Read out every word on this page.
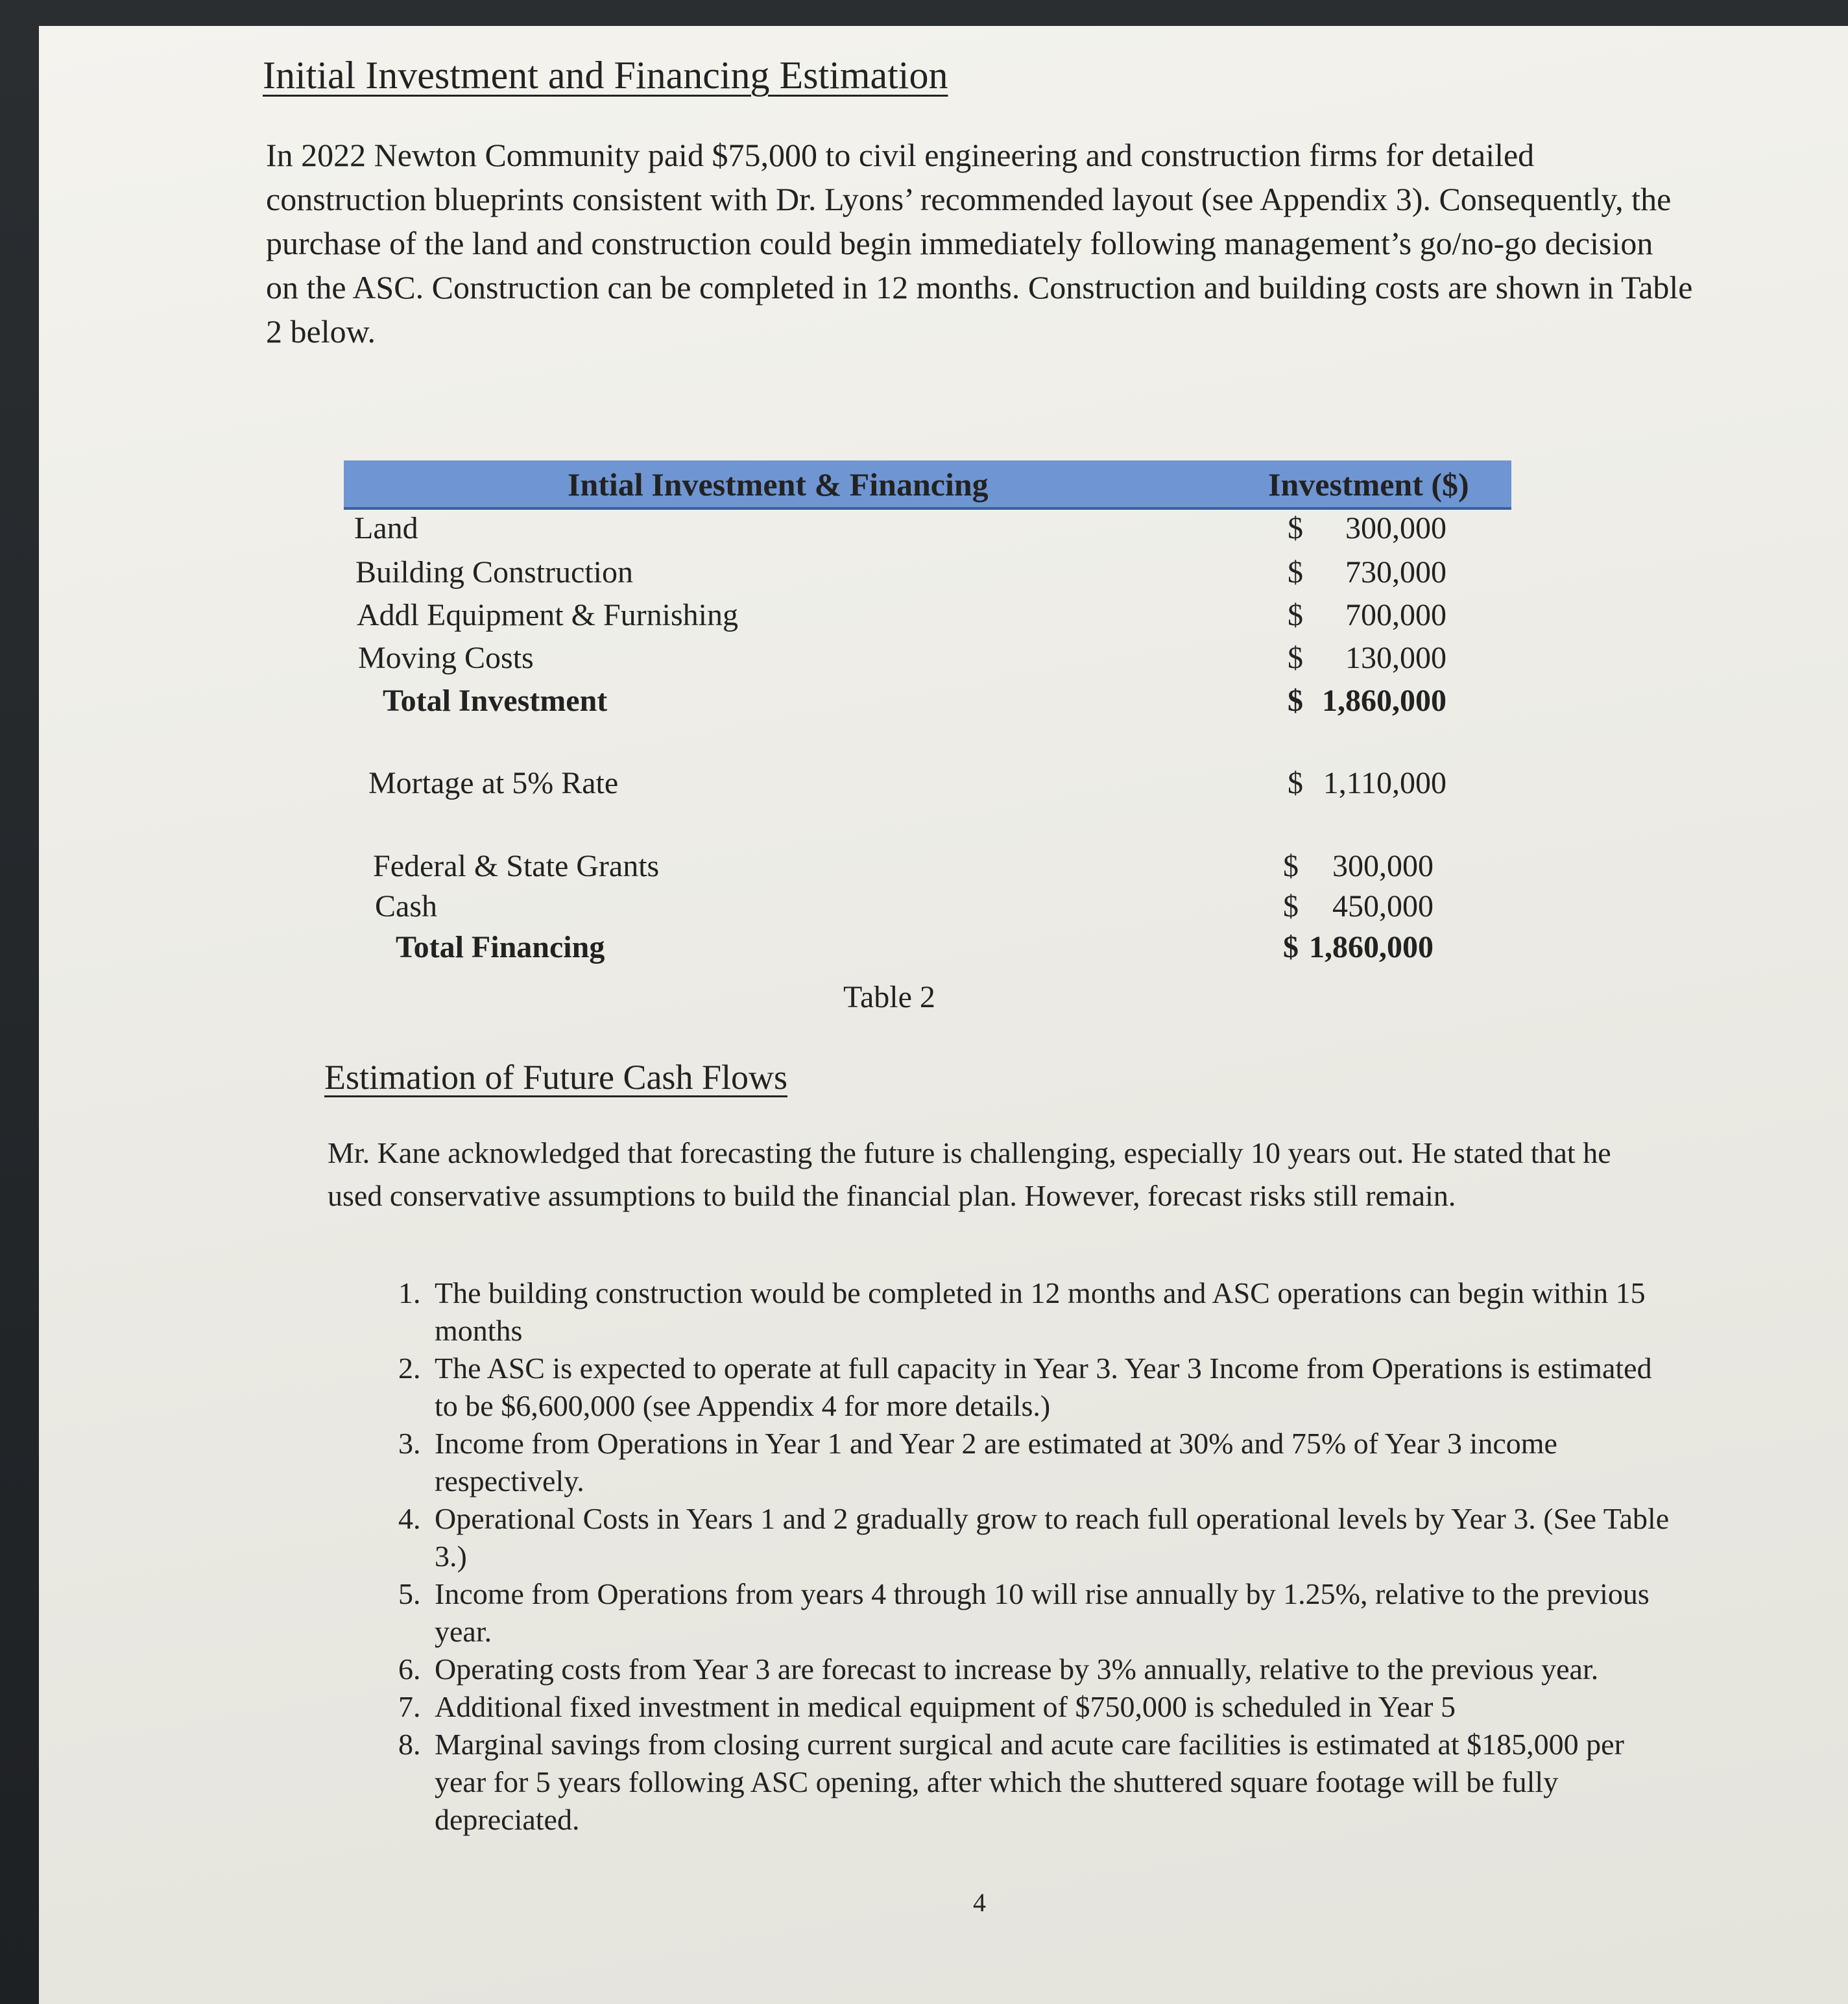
Initial Investment and Financing Estimation

In 2022 Newton Community paid $75,000 to civil engineering and construction firms for detailed construction blueprints consistent with Dr. Lyons’ recommended layout (see Appendix 3). Consequently, the purchase of the land and construction could begin immediately following management’s go/no-go decision on the ASC. Construction can be completed in 12 months. Construction and building costs are shown in Table 2 below.

Intial Investment & Financing	Investment ($)
Land	$ 300,000
Building Construction	$ 730,000
Addl Equipment & Furnishing	$ 700,000
Moving Costs	$ 130,000
Total Investment	$ 1,860,000
Mortage at 5% Rate	$ 1,110,000
Federal & State Grants	$ 300,000
Cash	$ 450,000
Total Financing	$ 1,860,000
Table 2
Estimation of Future Cash Flows

Mr. Kane acknowledged that forecasting the future is challenging, especially 10 years out. He stated that he used conservative assumptions to build the financial plan. However, forecast risks still remain.

1. The building construction would be completed in 12 months and ASC operations can begin within 15 months
2. The ASC is expected to operate at full capacity in Year 3. Year 3 Income from Operations is estimated to be $6,600,000 (see Appendix 4 for more details.)
3. Income from Operations in Year 1 and Year 2 are estimated at 30% and 75% of Year 3 income respectively.
4. Operational Costs in Years 1 and 2 gradually grow to reach full operational levels by Year 3. (See Table 3.)
5. Income from Operations from years 4 through 10 will rise annually by 1.25%, relative to the previous year.
6. Operating costs from Year 3 are forecast to increase by 3% annually, relative to the previous year.
7. Additional fixed investment in medical equipment of $750,000 is scheduled in Year 5
8. Marginal savings from closing current surgical and acute care facilities is estimated at $185,000 per year for 5 years following ASC opening, after which the shuttered square footage will be fully depreciated.
4
